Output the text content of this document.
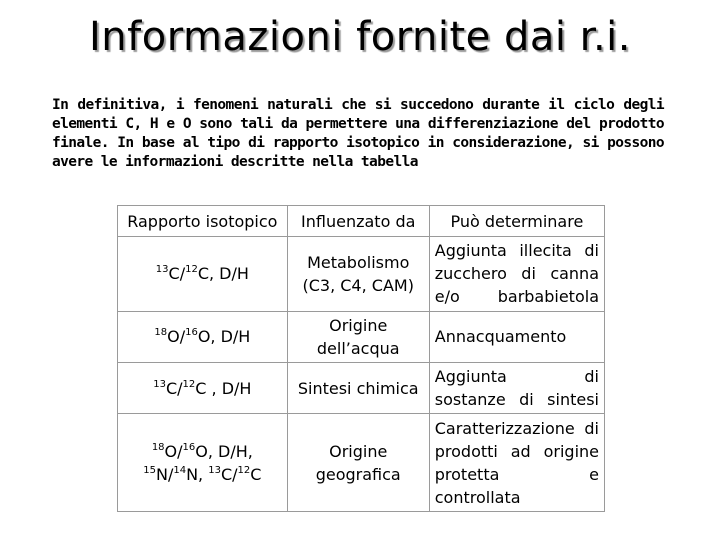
Informazioni fornite dai r.i.
In definitiva, i fenomeni naturali che si succedono durante il ciclo degli elementi C, H e O sono tali da permettere una differenziazione del prodotto finale. In base al tipo di rapporto isotopico in considerazione, si possono avere le informazioni descritte nella tabella
Rapporto isotopico	Influenzato da	Può determinare

$^{13}$C/$^{12}$C, D/H	Metabolismo (C3, C4, CAM)	Aggiunta illecita di zucchero di canna e/o barbabietola

$^{18}$O/$^{16}$O, D/H	Origine dell’acqua	Annacquamento

$^{13}$C/$^{12}$C , D/H	Sintesi chimica	Aggiunta di sostanze di sintesi

$^{18}$O/$^{16}$O, D/H,
$^{15}$N/$^{14}$N, $^{13}$C/$^{12}$C	Origine geografica	Caratterizzazione di prodotti ad origine protetta e controllata
